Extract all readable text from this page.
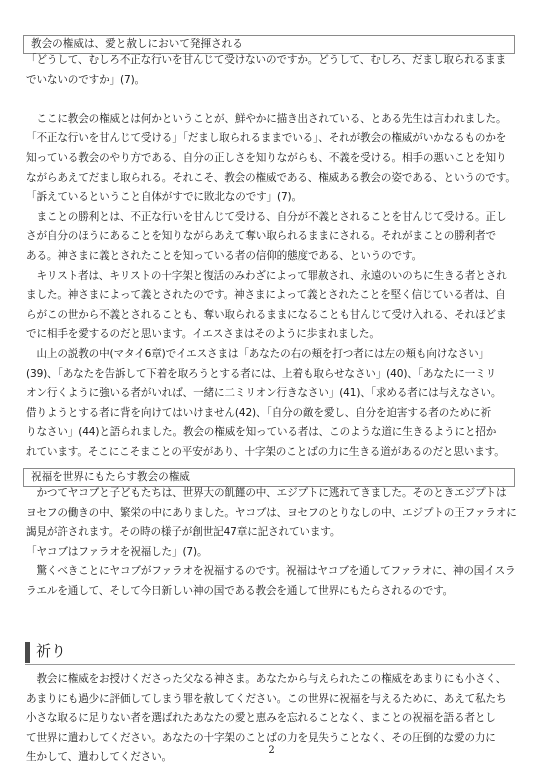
教会の権威は、愛と赦しにおいて発揮される

「どうして、むしろ不正な行いを甘んじて受けないのですか。どうして、むしろ、だまし取られるまま
でいないのですか」(7)。

　ここに教会の権威とは何かということが、鮮やかに描き出されている、とある先生は言われました。
「不正な行いを甘んじて受ける」「だまし取られるままでいる」、それが教会の権威がいかなるものかを
知っている教会のやり方である、自分の正しさを知りながらも、不義を受ける。相手の悪いことを知り
ながらあえてだまし取られる。それこそ、教会の権威である、権威ある教会の姿である、というのです。
「訴えているということ自体がすでに敗北なのです」(7)。
　まことの勝利とは、不正な行いを甘んじて受ける、自分が不義とされることを甘んじて受ける。正し
さが自分のほうにあることを知りながらあえて奪い取られるままにされる。それがまことの勝利者で
ある。神さまに義とされたことを知っている者の信仰的態度である、というのです。
　キリスト者は、キリストの十字架と復活のみわざによって罪赦され、永遠のいのちに生きる者とされ
ました。神さまによって義とされたのです。神さまによって義とされたことを堅く信じている者は、自
らがこの世から不義とされることも、奪い取られるままになることも甘んじて受け入れる、それほどま
でに相手を愛するのだと思います。イエスさまはそのように歩まれました。
　山上の説教の中(マタイ6章)でイエスさまは「あなたの右の頬を打つ者には左の頬も向けなさい」
(39)、「あなたを告訴して下着を取ろうとする者には、上着も取らせなさい」(40)、「あなたに一ミリ
オン行くように強いる者がいれば、一緒に二ミリオン行きなさい」(41)、「求める者には与えなさい。
借りようとする者に背を向けてはいけません(42)、「自分の敵を愛し、自分を迫害する者のために祈
りなさい」(44)と語られました。教会の権威を知っている者は、このような道に生きるようにと招か
れています。そこにこそまことの平安があり、十字架のことばの力に生きる道があるのだと思います。

祝福を世界にもたらす教会の権威

　かつてヤコブと子どもたちは、世界大の飢饉の中、エジプトに逃れてきました。そのときエジプトは
ヨセフの働きの中、繁栄の中にありました。ヤコブは、ヨセフのとりなしの中、エジプトの王ファラオに
謁見が許されます。その時の様子が創世記47章に記されています。
「ヤコブはファラオを祝福した」(7)。
　驚くべきことにヤコブがファラオを祝福するのです。祝福はヤコブを通してファラオに、神の国イスラ
ラエルを通して、そして今日新しい神の国である教会を通して世界にもたらされるのです。

祈り

　教会に権威をお授けくださった父なる神さま。あなたから与えられたこの権威をあまりにも小さく、
あまりにも過少に評価してしまう罪を赦してください。この世界に祝福を与えるために、あえて私たち
小さな取るに足りない者を選ばれたあなたの愛と恵みを忘れることなく、まことの祝福を語る者とし
て世界に遣わしてください。あなたの十字架のことばの力を見失うことなく、その圧倒的な愛の力に
生かして、遣わしてください。

2
